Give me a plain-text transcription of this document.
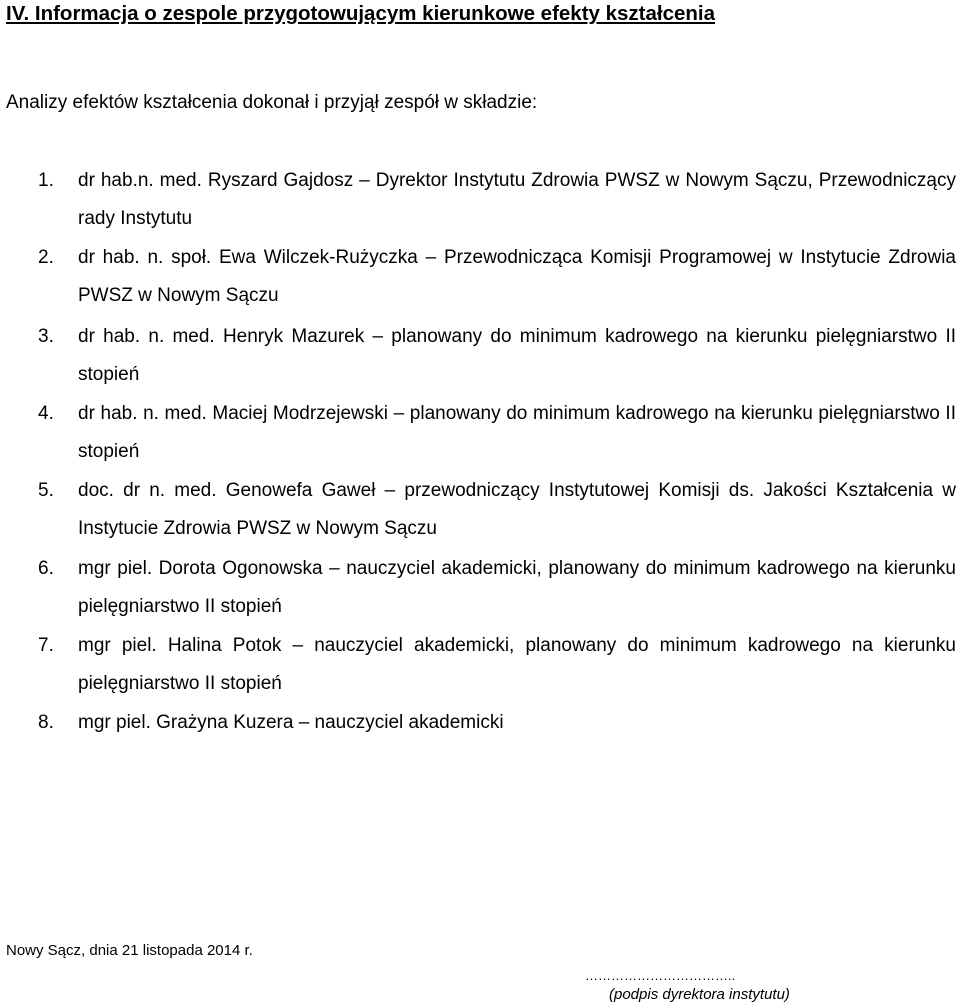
IV. Informacja o zespole przygotowującym kierunkowe efekty kształcenia
Analizy efektów kształcenia dokonał i przyjął zespół w składzie:
1. dr hab.n. med. Ryszard Gajdosz – Dyrektor Instytutu Zdrowia PWSZ w Nowym Sączu, Przewodniczący rady Instytutu
2. dr hab. n. społ. Ewa Wilczek-Rużyczka – Przewodnicząca Komisji Programowej w Instytucie Zdrowia PWSZ w Nowym Sączu
3. dr hab. n. med. Henryk Mazurek – planowany do minimum kadrowego na kierunku pielęgniarstwo II stopień
4. dr hab. n. med. Maciej Modrzejewski – planowany do minimum kadrowego na kierunku pielęgniarstwo II stopień
5. doc. dr n. med. Genowefa Gaweł – przewodniczący Instytutowej Komisji ds. Jakości Kształcenia w Instytucie Zdrowia PWSZ w Nowym Sączu
6. mgr piel. Dorota Ogonowska – nauczyciel akademicki, planowany do minimum kadrowego na kierunku pielęgniarstwo II stopień
7. mgr piel. Halina Potok – nauczyciel akademicki, planowany do minimum kadrowego na kierunku pielęgniarstwo II stopień
8. mgr piel. Grażyna Kuzera – nauczyciel akademicki
Nowy Sącz, dnia 21 listopada 2014 r.
……………………………..
(podpis dyrektora instytutu)
